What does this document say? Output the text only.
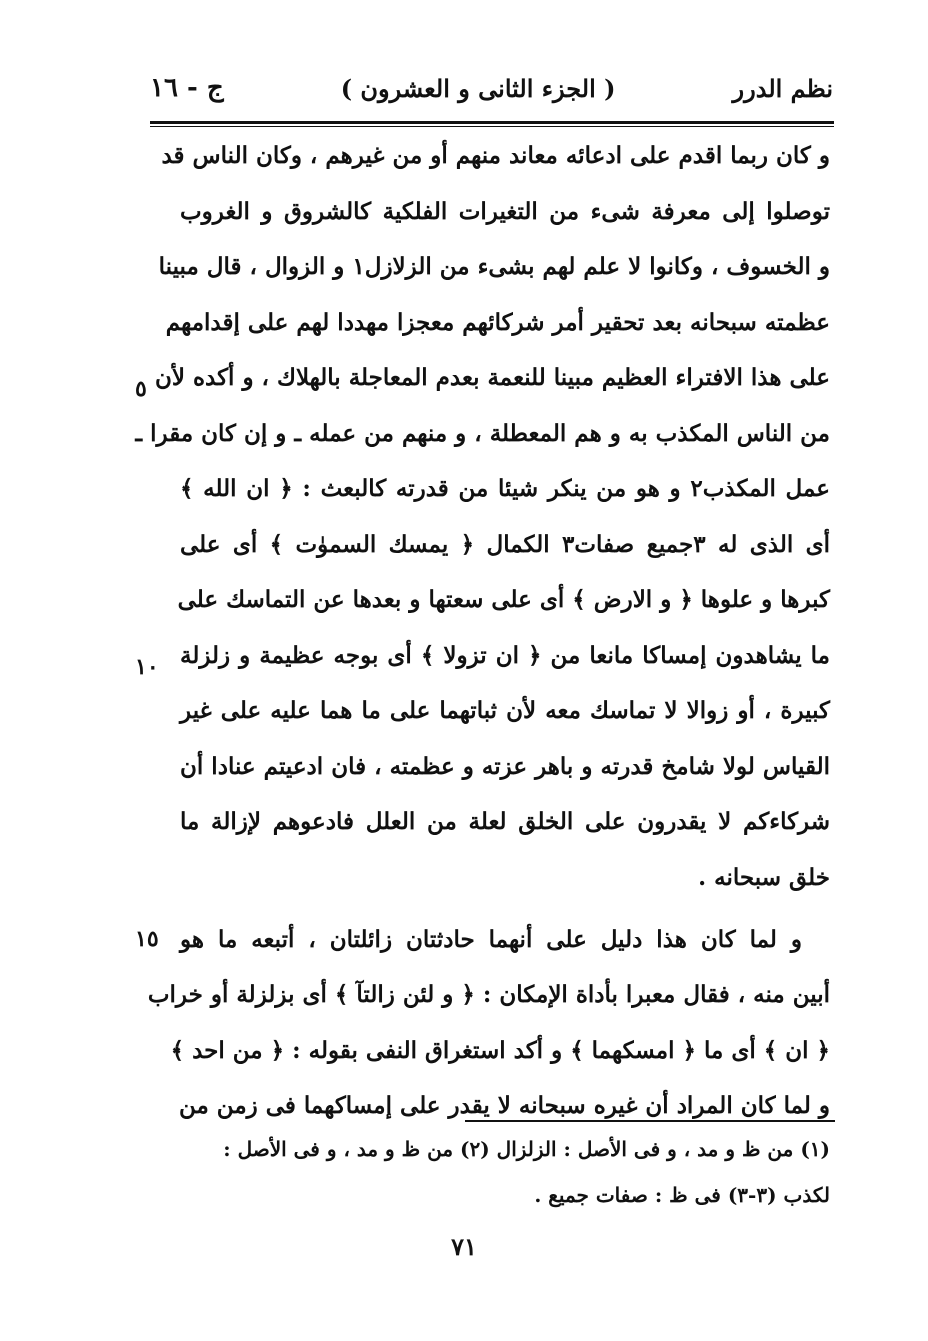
نظم الدرر
( الجزء الثانى و العشرون )
ج - ١٦
و كان ربما اقدم على ادعائه معاند منهم أو من غيرهم ، وكان الناس قد
توصلوا إلى معرفة شىء من التغيرات الفلكية كالشروق و الغروب
و الخسوف ، وكانوا لا علم لهم بشىء من الزلازل١ و الزوال ، قال مبينا
عظمته سبحانه بعد تحقير أمر شركائهم معجزا مهددا لهم على إقدامهم
على هذا الافتراء العظيم مبينا للنعمة بعدم المعاجلة بالهلاك ، و أكده لأن
من الناس المكذب به و هم المعطلة ، و منهم من عمله ـ و إن كان مقرا ـ
عمل المكذب٢ و هو من ينكر شيئا من قدرته كالبعث : ﴿ ان الله ﴾
أى الذى له ٣جميع صفات٣ الكمال ﴿ يمسك السموٰت ﴾ أى على
كبرها و علوها ﴿ و الارض ﴾ أى على سعتها و بعدها عن التماسك على
ما يشاهدون إمساكا مانعا من ﴿ ان تزولا ﴾ أى بوجه عظيمة و زلزلة
كبيرة ، أو زوالا لا تماسك معه لأن ثباتهما على ما هما عليه على غير
القياس لولا شامخ قدرته و باهر عزته و عظمته ، فان ادعيتم عنادا أن
شركاءكم لا يقدرون على الخلق لعلة من العلل فادعوهم لإزالة ما
خلق سبحانه .
و لما كان هذا دليل على أنهما حادثتان زائلتان ، أتبعه ما هو
أبين منه ، فقال معبرا بأداة الإمكان : ﴿ و لئن زالتآ ﴾ أى بزلزلة أو خراب
﴿ ان ﴾ أى ما ﴿ امسكهما ﴾ و أكد استغراق النفى بقوله : ﴿ من احد ﴾
و لما كان المراد أن غيره سبحانه لا يقدر على إمساكهما فى زمن من
٥
١٠
١٥
(١) من ظ و مد ، و فى الأصل : الزلزال (٢) من ظ و مد ، و فى الأصل :
لكذب (٣-٣) فى ظ : صفات جميع .
٧١
